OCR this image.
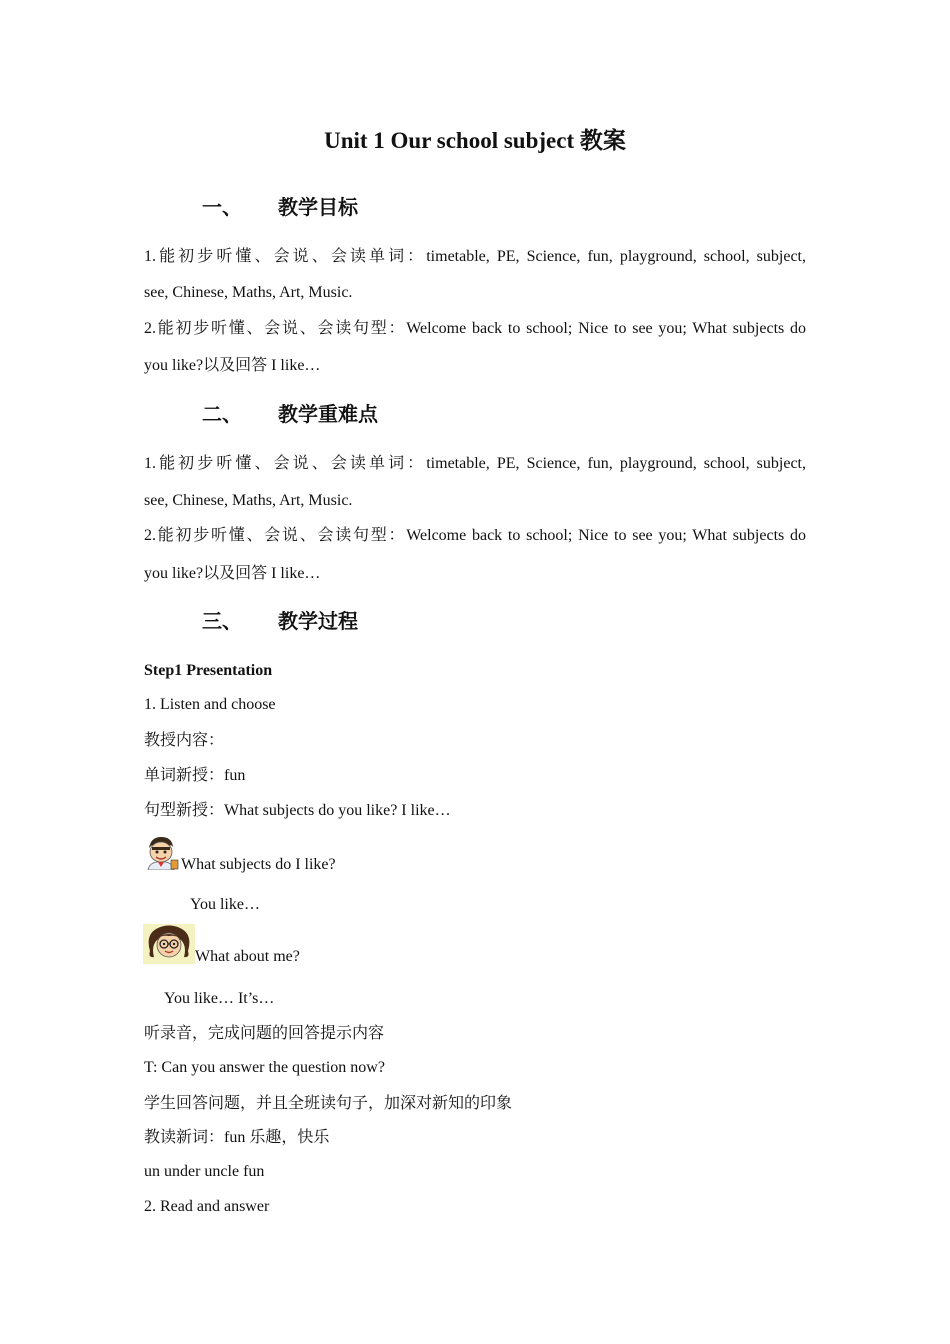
Unit 1 Our school subject 教案
一、 教学目标
1.能初步听懂、会说、会读单词：timetable, PE, Science, fun, playground, school, subject,
see, Chinese, Maths, Art, Music.
2.能初步听懂、会说、会读句型：Welcome back to school; Nice to see you; What subjects do
you like?以及回答 I like…
二、 教学重难点
1.能初步听懂、会说、会读单词：timetable, PE, Science, fun, playground, school, subject,
see, Chinese, Maths, Art, Music.
2.能初步听懂、会说、会读句型：Welcome back to school; Nice to see you; What subjects do
you like?以及回答 I like…
三、 教学过程
Step1 Presentation
1. Listen and choose
教授内容：
单词新授：fun
句型新授：What subjects do you like? I like…
What subjects do I like?
You like…
What about me?
You like… It’s…
听录音，完成问题的回答提示内容
T: Can you answer the question now?
学生回答问题，并且全班读句子，加深对新知的印象
教读新词：fun 乐趣，快乐
un under uncle fun
2. Read and answer
